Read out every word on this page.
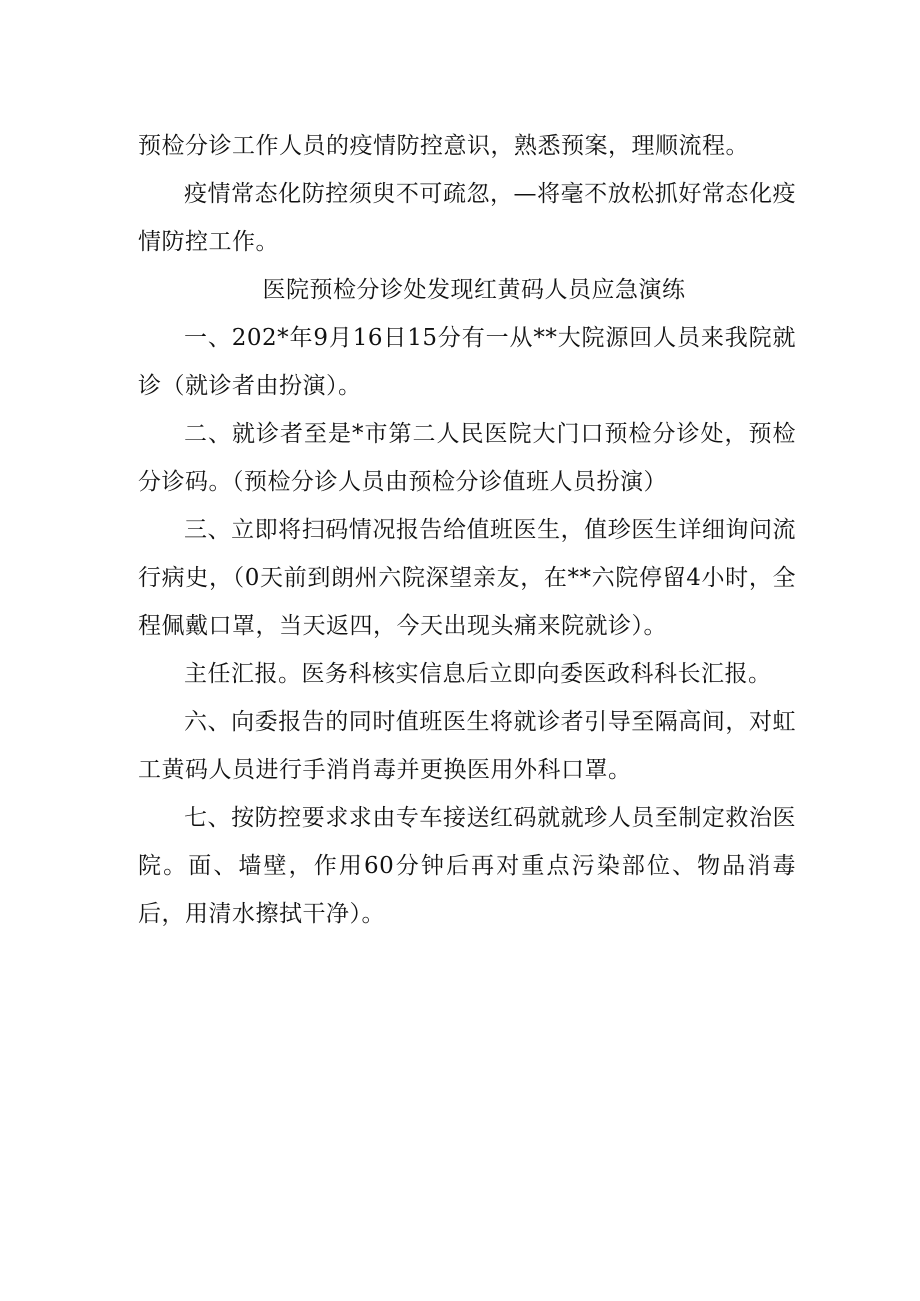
预检分诊工作人员的疫情防控意识，熟悉预案，理顺流程。

疫情常态化防控须臾不可疏忽，—将毫不放松抓好常态化疫情防控工作。

医院预检分诊处发现红黄码人员应急演练

一、202*年9月16日15分有一从**大院源回人员来我院就诊（就诊者由扮演）。

二、就诊者至是*市第二人民医院大门口预检分诊处，预检分诊码。（预检分诊人员由预检分诊值班人员扮演）

三、立即将扫码情况报告给值班医生，值珍医生详细询问流行病史，（0天前到朗州六院深望亲友，在**六院停留4小时，全程佩戴口罩，当天返四，今天出现头痛来院就诊）。

主任汇报。医务科核实信息后立即向委医政科科长汇报。

六、向委报告的同时值班医生将就诊者引导至隔高间，对虹工黄码人员进行手消肖毒并更换医用外科口罩。

七、按防控要求求由专车接送红码就就珍人员至制定救治医院。面、墙壁，作用60分钟后再对重点污染部位、物品消毒后，用清水擦拭干净）。
